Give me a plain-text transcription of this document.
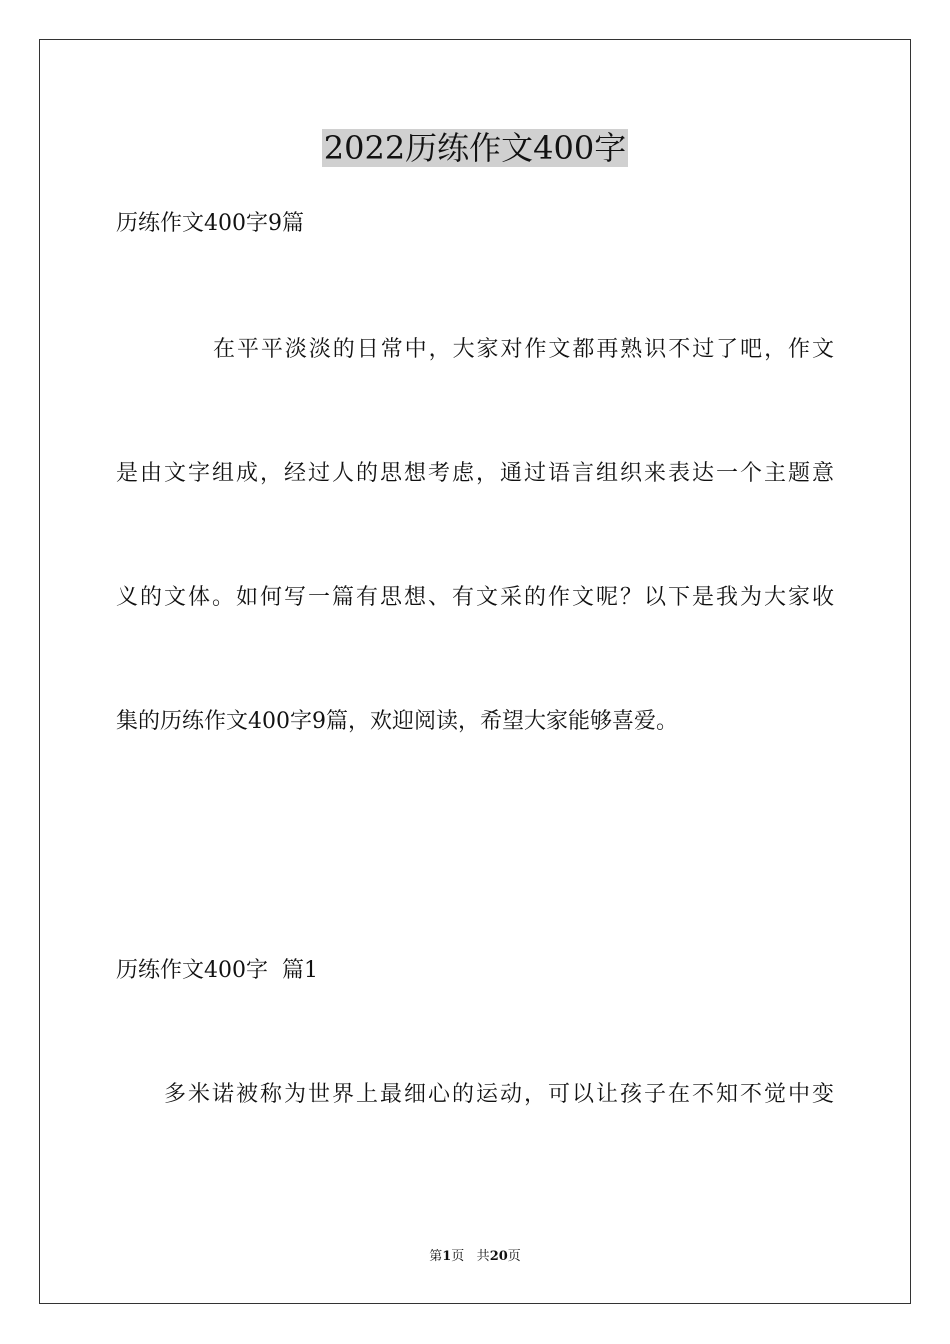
2022历练作文400字
历练作文400字9篇
在平平淡淡的日常中，大家对作文都再熟识不过了吧，作文
是由文字组成，经过人的思想考虑，通过语言组织来表达一个主题意
义的文体。如何写一篇有思想、有文采的作文呢？以下是我为大家收
集的历练作文400字9篇，欢迎阅读，希望大家能够喜爱。
历练作文400字  篇1
多米诺被称为世界上最细心的运动，可以让孩子在不知不觉中变
第1页 共20页
